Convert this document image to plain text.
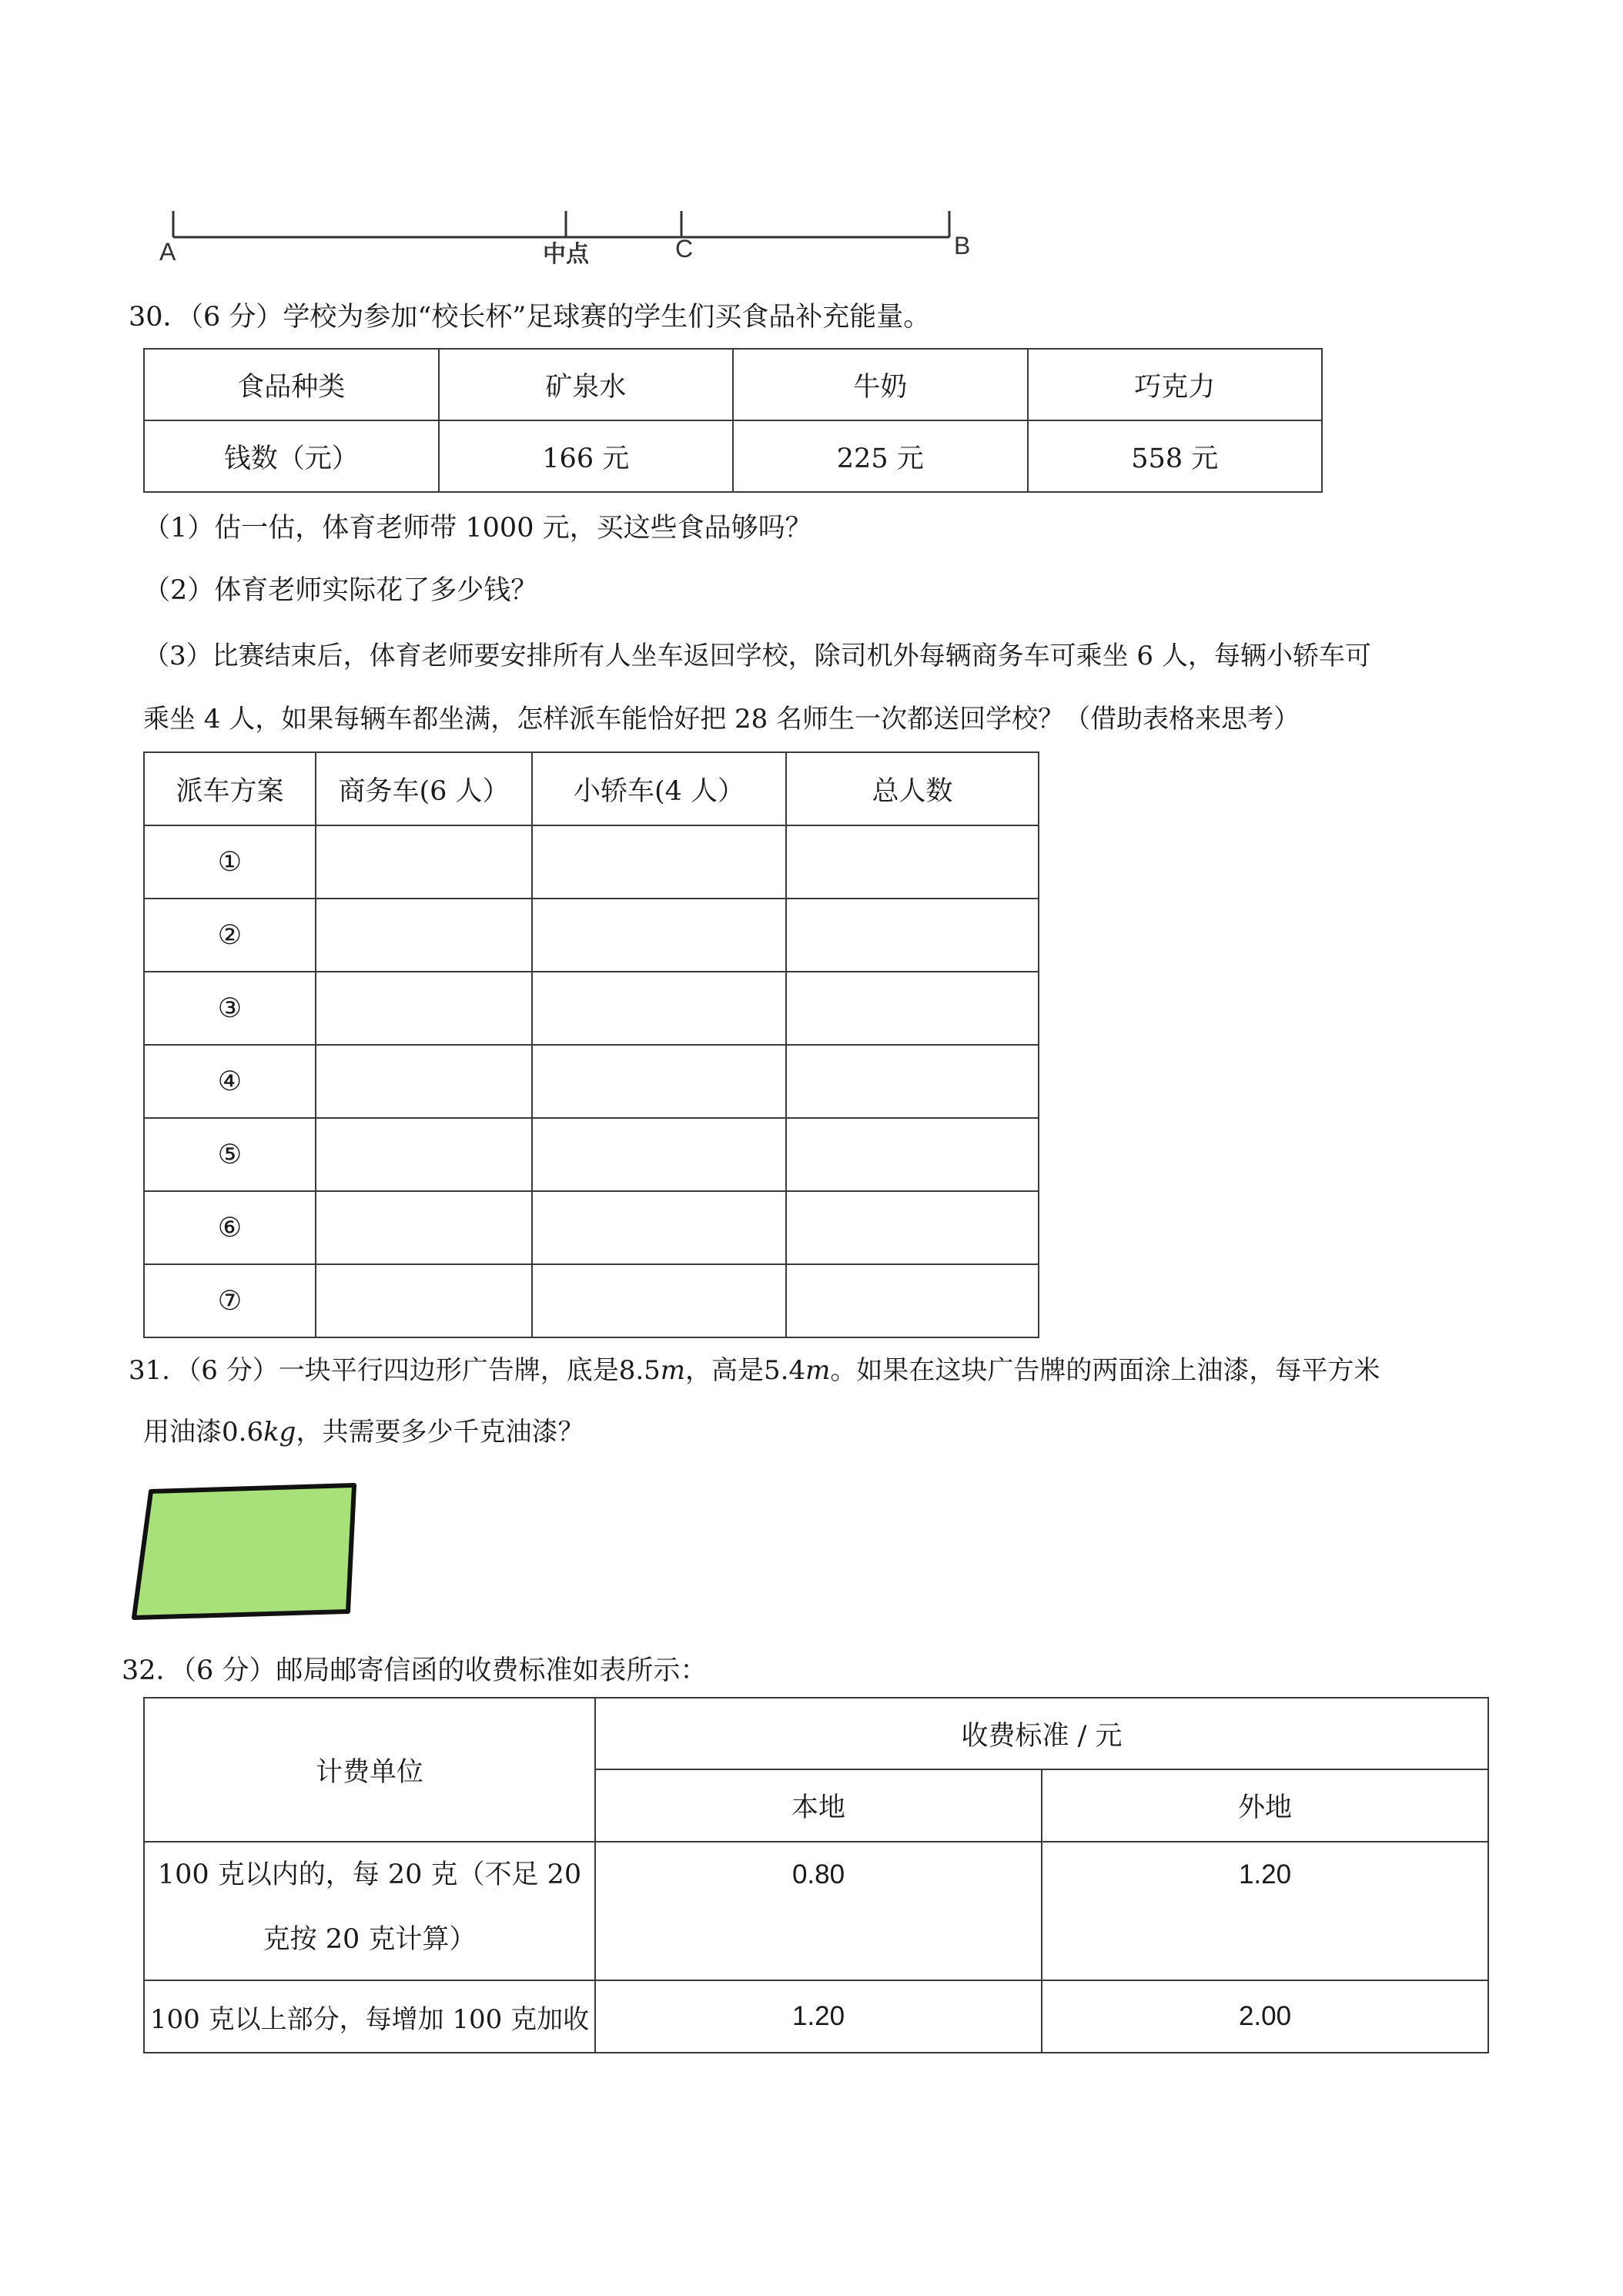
A	中点	C	B
30．（6 分）学校为参加“校长杯”足球赛的学生们买食品补充能量。
食品种类	矿泉水	牛奶	巧克力
钱数（元）	166 元	225 元	558 元
（1）估一估，体育老师带 1000 元，买这些食品够吗？
（2）体育老师实际花了多少钱？
（3）比赛结束后，体育老师要安排所有人坐车返回学校，除司机外每辆商务车可乘坐 6 人，每辆小轿车可
乘坐 4 人，如果每辆车都坐满，怎样派车能恰好把 28 名师生一次都送回学校？（借助表格来思考）
派车方案	商务车(6 人）	小轿车(4 人）	总人数
①			
②			
③			
④			
⑤			
⑥			
⑦			
31．（6 分）一块平行四边形广告牌，底是8.5m，高是5.4m。如果在这块广告牌的两面涂上油漆，每平方米
用油漆0.6kg，共需要多少千克油漆？
32．（6 分）邮局邮寄信函的收费标准如表所示：
计费单位	收费标准 / 元	
	本地	外地

100 克以内的，每 20 克（不足 20
克按 20 克计算）	0.80	1.20
100 克以上部分，每增加 100 克加收	1.20	2.00
